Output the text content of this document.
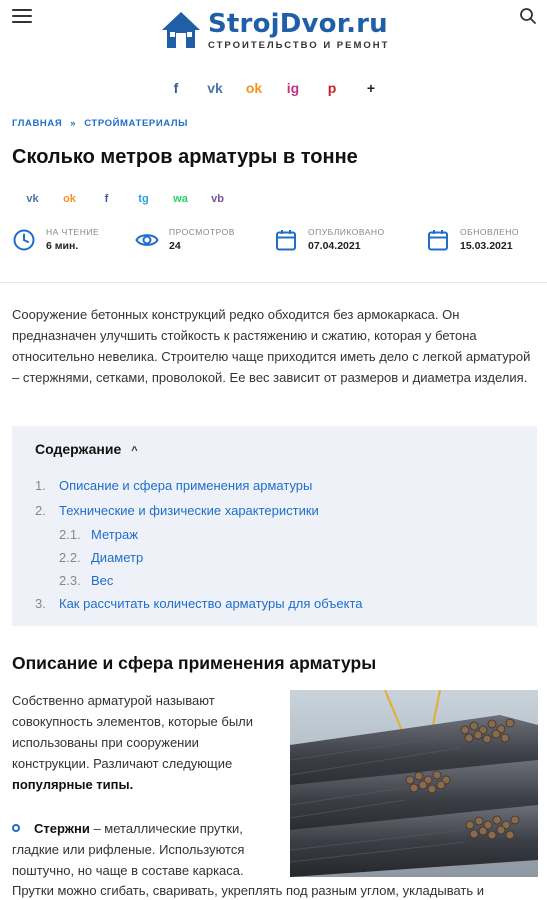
StrojDvor.ru
СТРОИТЕЛЬСТВО И РЕМОНТ
f	vk ok ig	p	+
ГЛАВНАЯ » СТРОЙМАТЕРИАЛЫ
Сколько метров арматуры в тонне
vk ok	f	tg	wa vb
НА ЧТЕНИЕ
6 мин.
ПРОСМОТРОВ
24
ОПУБЛИКОВАНО
07.04.2021
ОБНОВЛЕНО
15.03.2021

Сооружение бетонных конструкций редко обходится без армокаркаса. Он предназначен улучшить стойкость к растяжению и сжатию, которая у бетона относительно невелика. Строителю чаще приходится иметь дело с легкой арматурой – стержнями, сетками, проволокой. Ее вес зависит от размеров и диаметра изделия.

Содержание ^
1. Описание и сфера применения арматуры
2. Технические и физические характеристики
2.1. Метраж
2.2. Диаметр
2.3. Вес
3. Как рассчитать количество арматуры для объекта
Описание и сфера применения арматуры

Собственно арматурой называют совокупность элементов, которые были использованы при сооружении конструкции. Различают следующие популярные типы.

Стержни – металлические прутки, гладкие или рифленые. Используются поштучно, но чаще в составе каркаса.

Прутки можно сгибать, сваривать, укреплять под разным углом, укладывать и
